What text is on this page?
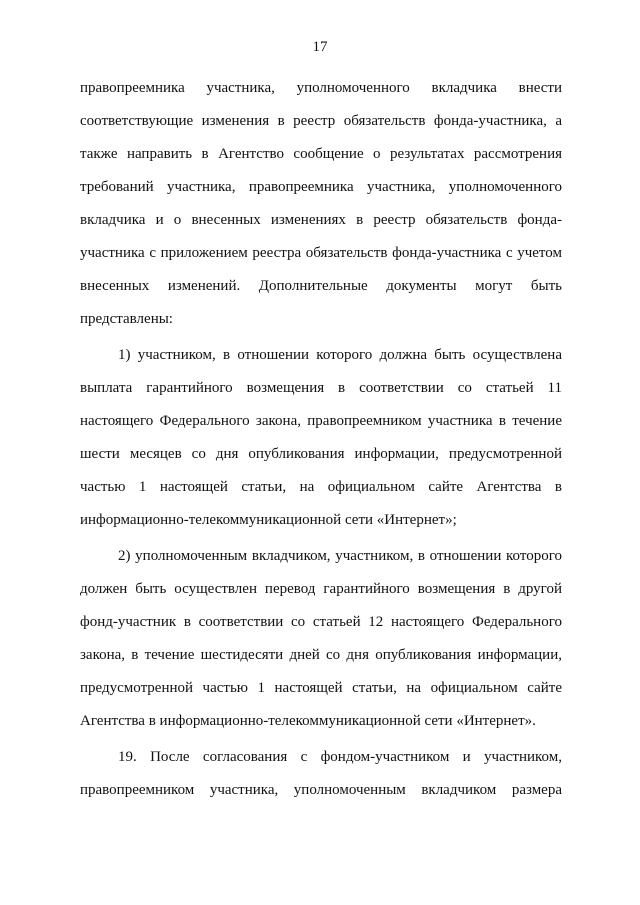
17
правопреемника участника, уполномоченного вкладчика внести
соответствующие изменения в реестр обязательств фонда-участника, а
также направить в Агентство сообщение о результатах рассмотрения
требований участника, правопреемника участника, уполномоченного
вкладчика и о внесенных изменениях в реестр обязательств фонда-
участника с приложением реестра обязательств фонда-участника с учетом
внесенных изменений. Дополнительные документы могут быть
представлены:
1) участником, в отношении которого должна быть осуществлена
выплата гарантийного возмещения в соответствии со статьей 11
настоящего Федерального закона, правопреемником участника в течение
шести месяцев со дня опубликования информации, предусмотренной
частью 1 настоящей статьи, на официальном сайте Агентства в
информационно-телекоммуникационной сети «Интернет»;
2) уполномоченным вкладчиком, участником, в отношении которого
должен быть осуществлен перевод гарантийного возмещения в другой
фонд-участник в соответствии со статьей 12 настоящего Федерального
закона, в течение шестидесяти дней со дня опубликования информации,
предусмотренной частью 1 настоящей статьи, на официальном сайте
Агентства в информационно-телекоммуникационной сети «Интернет».
19. После согласования с фондом-участником и участником,
правопреемником участника, уполномоченным вкладчиком размера
